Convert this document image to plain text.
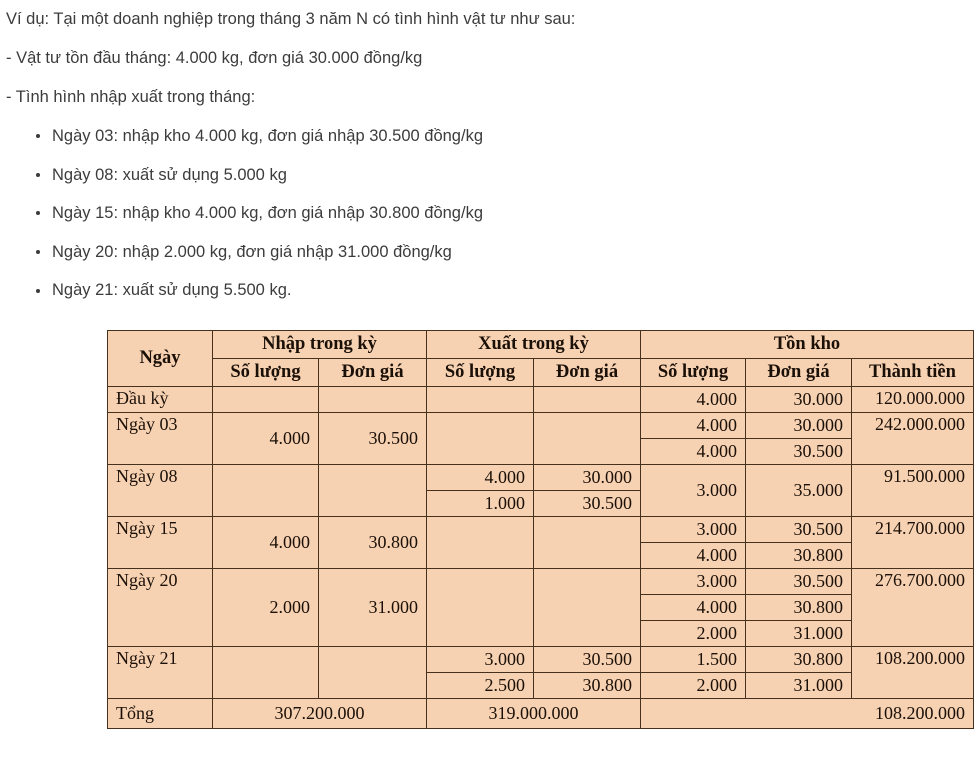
Ví dụ: Tại một doanh nghiệp trong tháng 3 năm N có tình hình vật tư như sau:

- Vật tư tồn đầu tháng: 4.000 kg, đơn giá 30.000 đồng/kg

- Tình hình nhập xuất trong tháng:

Ngày 03: nhập kho 4.000 kg, đơn giá nhập 30.500 đồng/kg
Ngày 08: xuất sử dụng 5.000 kg
Ngày 15: nhập kho 4.000 kg, đơn giá nhập 30.800 đồng/kg
Ngày 20: nhập 2.000 kg, đơn giá nhập 31.000 đồng/kg
Ngày 21: xuất sử dụng 5.500 kg.
Ngày	Nhập trong kỳ		Xuất trong kỳ		Tồn kho		
	Số lượng	Đơn giá	Số lượng	Đơn giá	Số lượng	Đơn giá	Thành tiền
Đầu kỳ					4.000	30.000	120.000.000
Ngày 03	4.000	30.500			4.000	30.000	242.000.000
					4.000	30.500	
Ngày 08			4.000	30.000	3.000	35.000	91.500.000
			1.000	30.500			
Ngày 15	4.000	30.800			3.000	30.500	214.700.000
					4.000	30.800	
Ngày 20	2.000	31.000			3.000	30.500	276.700.000
					4.000	30.800	
					2.000	31.000	
Ngày 21			3.000	30.500	1.500	30.800	108.200.000
			2.500	30.800	2.000	31.000	
Tổng	307.200.000		319.000.000		108.200.000		
